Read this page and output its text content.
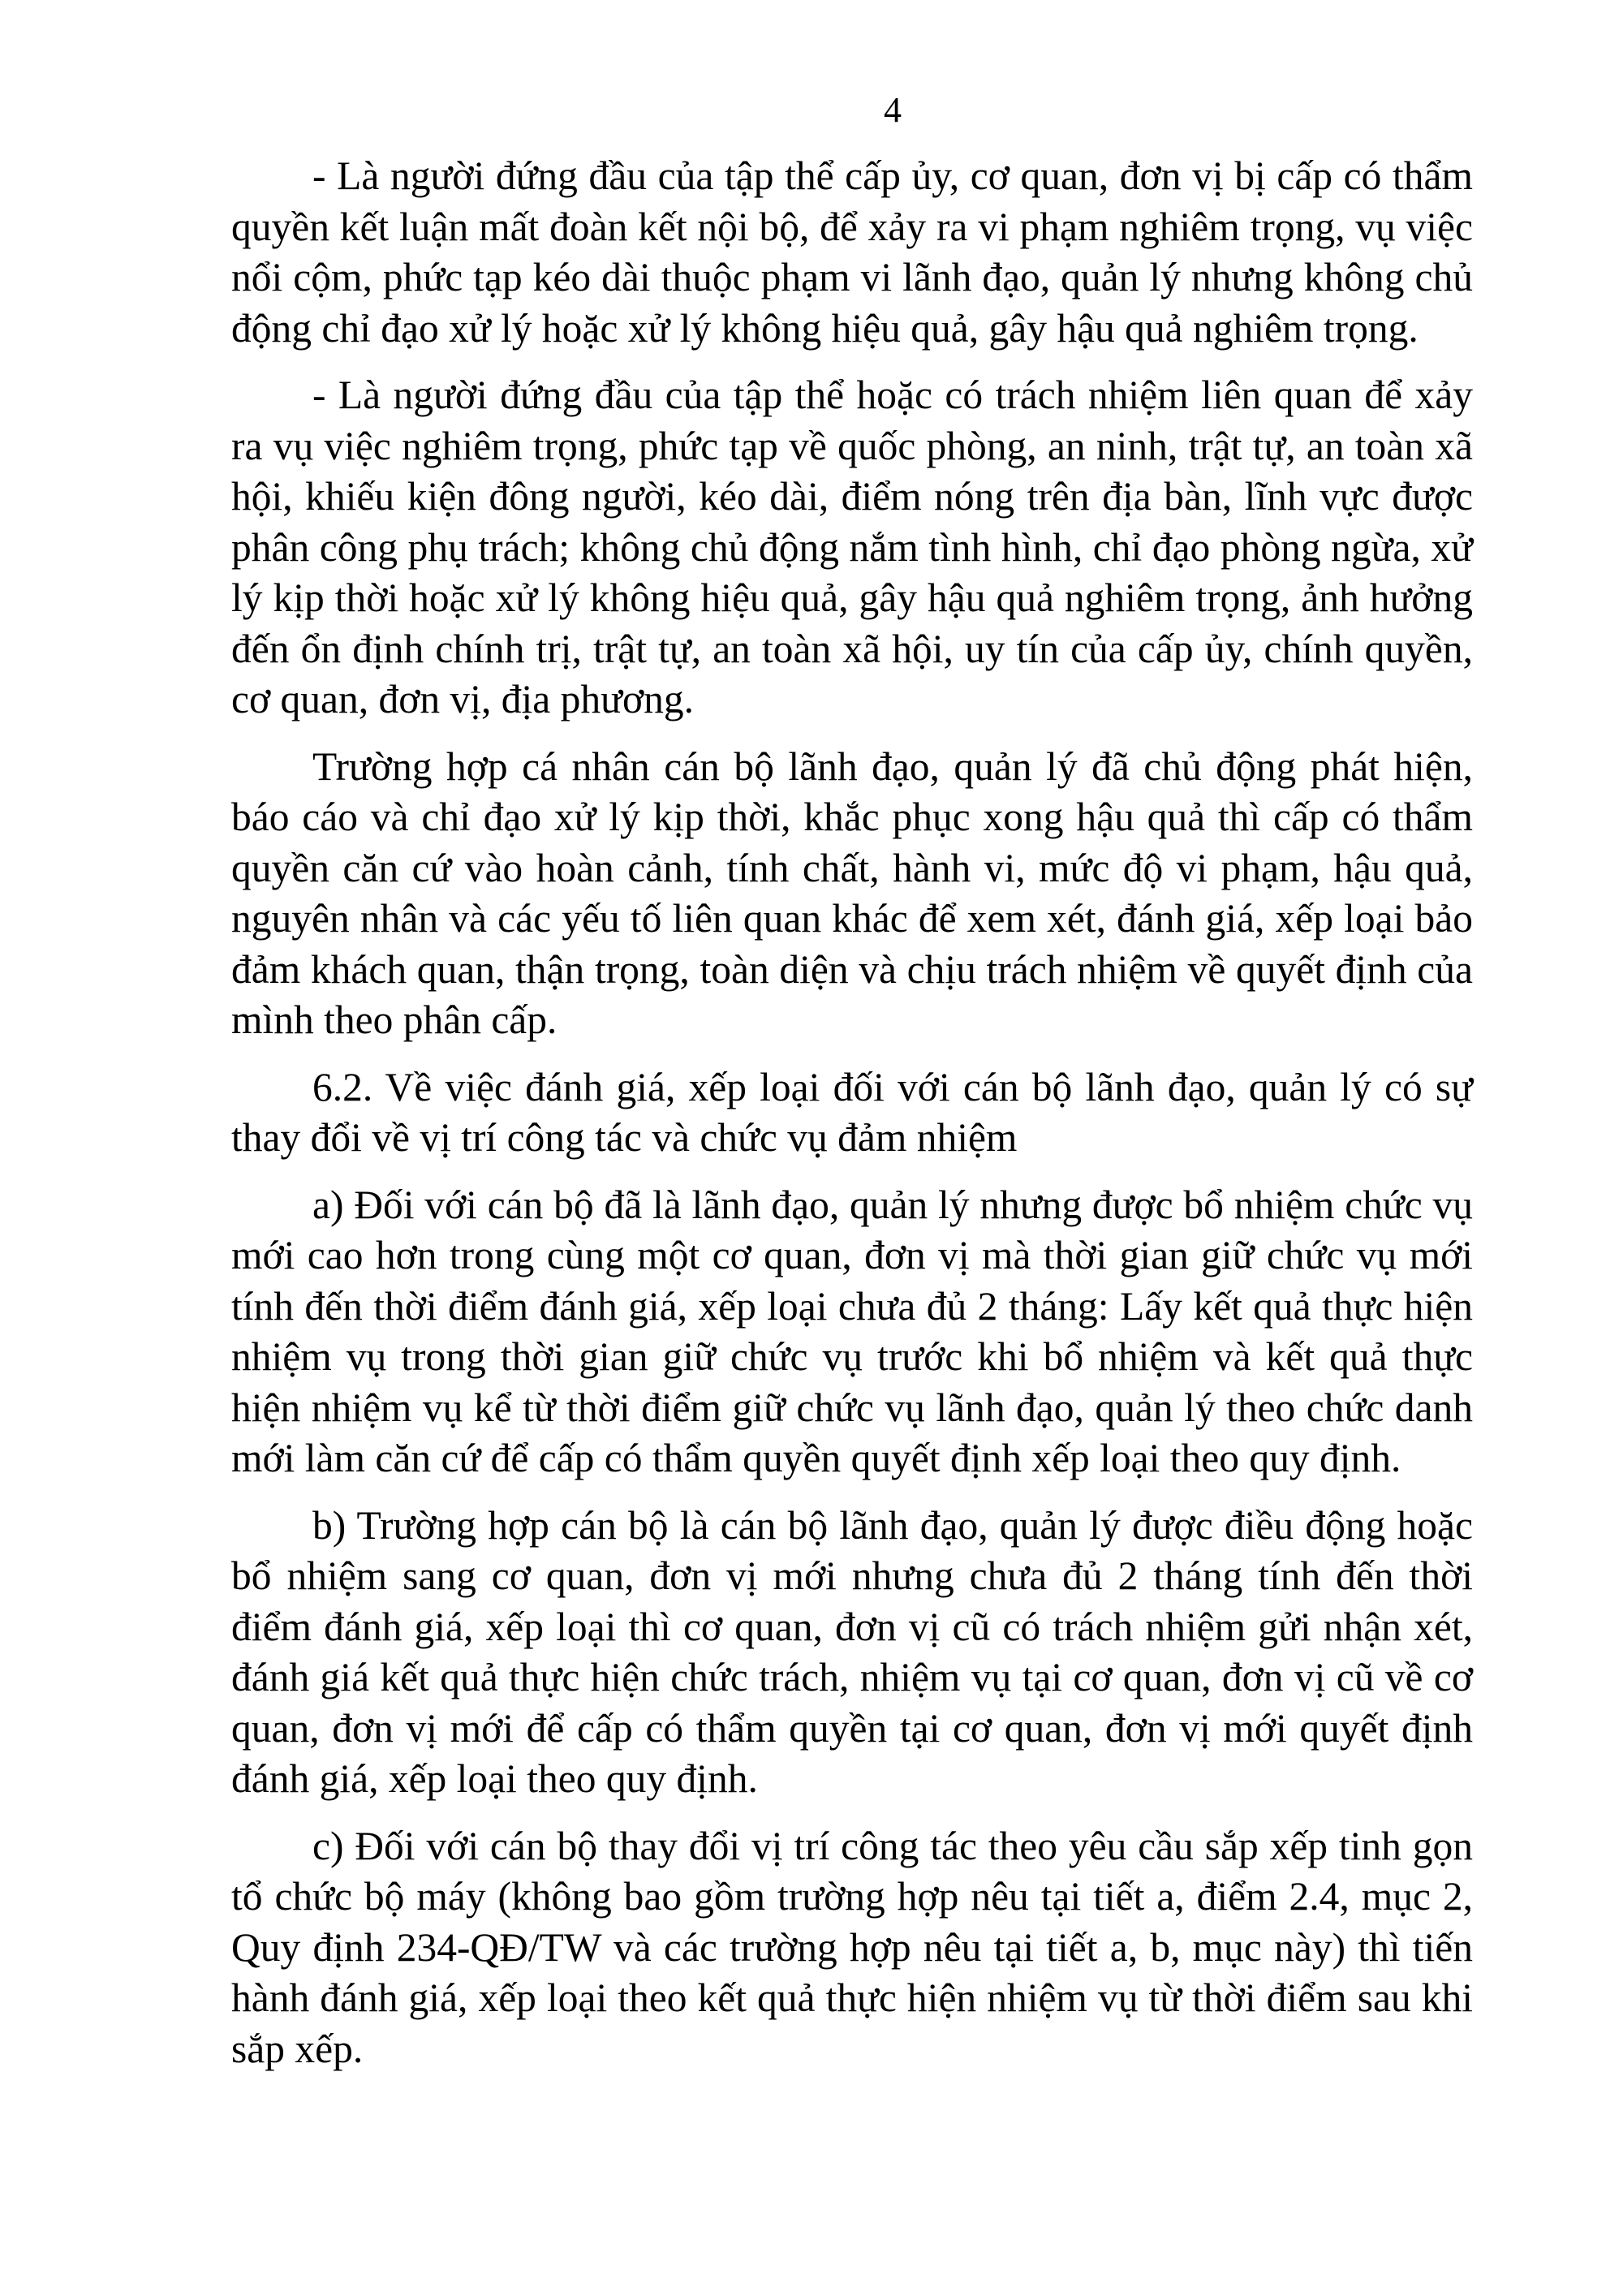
4

- Là người đứng đầu của tập thể cấp ủy, cơ quan, đơn vị bị cấp có thẩm quyền kết luận mất đoàn kết nội bộ, để xảy ra vi phạm nghiêm trọng, vụ việc nổi cộm, phức tạp kéo dài thuộc phạm vi lãnh đạo, quản lý nhưng không chủ động chỉ đạo xử lý hoặc xử lý không hiệu quả, gây hậu quả nghiêm trọng.

- Là người đứng đầu của tập thể hoặc có trách nhiệm liên quan để xảy ra vụ việc nghiêm trọng, phức tạp về quốc phòng, an ninh, trật tự, an toàn xã hội, khiếu kiện đông người, kéo dài, điểm nóng trên địa bàn, lĩnh vực được phân công phụ trách; không chủ động nắm tình hình, chỉ đạo phòng ngừa, xử lý kịp thời hoặc xử lý không hiệu quả, gây hậu quả nghiêm trọng, ảnh hưởng đến ổn định chính trị, trật tự, an toàn xã hội, uy tín của cấp ủy, chính quyền, cơ quan, đơn vị, địa phương.

Trường hợp cá nhân cán bộ lãnh đạo, quản lý đã chủ động phát hiện, báo cáo và chỉ đạo xử lý kịp thời, khắc phục xong hậu quả thì cấp có thẩm quyền căn cứ vào hoàn cảnh, tính chất, hành vi, mức độ vi phạm, hậu quả, nguyên nhân và các yếu tố liên quan khác để xem xét, đánh giá, xếp loại bảo đảm khách quan, thận trọng, toàn diện và chịu trách nhiệm về quyết định của mình theo phân cấp.

6.2. Về việc đánh giá, xếp loại đối với cán bộ lãnh đạo, quản lý có sự thay đổi về vị trí công tác và chức vụ đảm nhiệm

a) Đối với cán bộ đã là lãnh đạo, quản lý nhưng được bổ nhiệm chức vụ mới cao hơn trong cùng một cơ quan, đơn vị mà thời gian giữ chức vụ mới tính đến thời điểm đánh giá, xếp loại chưa đủ 2 tháng: Lấy kết quả thực hiện nhiệm vụ trong thời gian giữ chức vụ trước khi bổ nhiệm và kết quả thực hiện nhiệm vụ kể từ thời điểm giữ chức vụ lãnh đạo, quản lý theo chức danh mới làm căn cứ để cấp có thẩm quyền quyết định xếp loại theo quy định.

b) Trường hợp cán bộ là cán bộ lãnh đạo, quản lý được điều động hoặc bổ nhiệm sang cơ quan, đơn vị mới nhưng chưa đủ 2 tháng tính đến thời điểm đánh giá, xếp loại thì cơ quan, đơn vị cũ có trách nhiệm gửi nhận xét, đánh giá kết quả thực hiện chức trách, nhiệm vụ tại cơ quan, đơn vị cũ về cơ quan, đơn vị mới để cấp có thẩm quyền tại cơ quan, đơn vị mới quyết định đánh giá, xếp loại theo quy định.

c) Đối với cán bộ thay đổi vị trí công tác theo yêu cầu sắp xếp tinh gọn tổ chức bộ máy (không bao gồm trường hợp nêu tại tiết a, điểm 2.4, mục 2, Quy định 234-QĐ/TW và các trường hợp nêu tại tiết a, b, mục này) thì tiến hành đánh giá, xếp loại theo kết quả thực hiện nhiệm vụ từ thời điểm sau khi sắp xếp.
